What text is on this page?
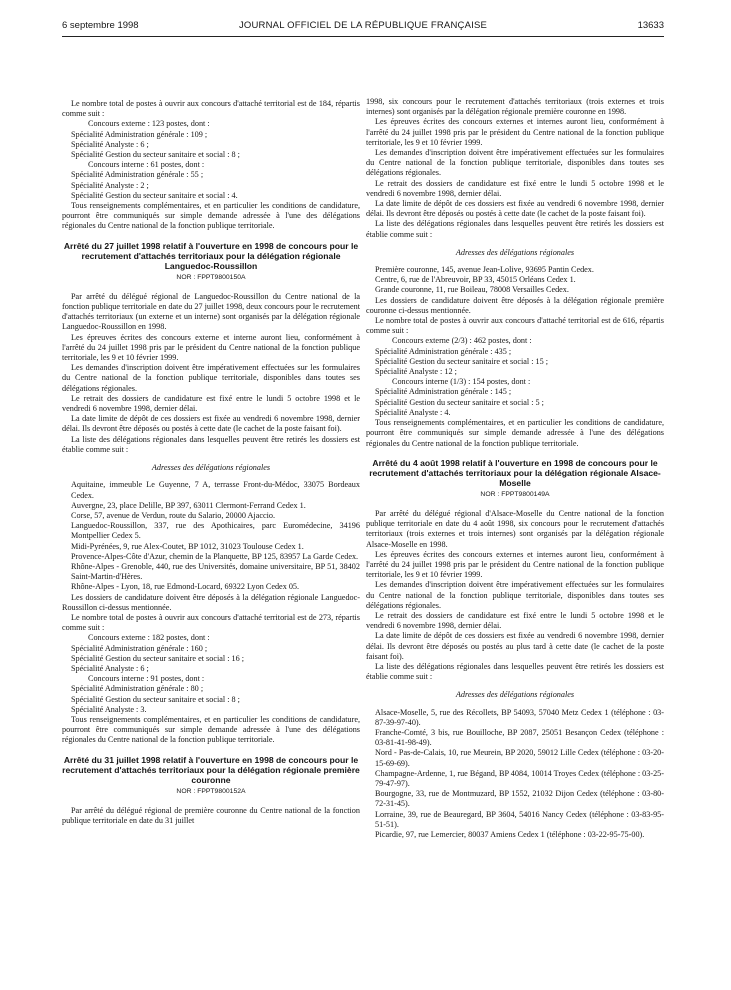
6 septembre 1998	JOURNAL OFFICIEL DE LA RÉPUBLIQUE FRANÇAISE	13633

Le nombre total de postes à ouvrir aux concours d'attaché territorial est de 184, répartis comme suit :

Concours externe : 123 postes, dont :

Spécialité Administration générale : 109 ;

Spécialité Analyste : 6 ;

Spécialité Gestion du secteur sanitaire et social : 8 ;

Concours interne : 61 postes, dont :

Spécialité Administration générale : 55 ;

Spécialité Analyste : 2 ;

Spécialité Gestion du secteur sanitaire et social : 4.

Tous renseignements complémentaires, et en particulier les conditions de candidature, pourront être communiqués sur simple demande adressée à l'une des délégations régionales du Centre national de la fonction publique territoriale.

Arrêté du 27 juillet 1998 relatif à l'ouverture en 1998 de concours pour le recrutement d'attachés territoriaux pour la délégation régionale Languedoc-Roussillon

NOR : FPPT9800150A

Par arrêté du délégué régional de Languedoc-Roussillon du Centre national de la fonction publique territoriale en date du 27 juillet 1998, deux concours pour le recrutement d'attachés territoriaux (un externe et un interne) sont organisés par la délégation régionale Languedoc-Roussillon en 1998.

Les épreuves écrites des concours externe et interne auront lieu, conformément à l'arrêté du 24 juillet 1998 pris par le président du Centre national de la fonction publique territoriale, les 9 et 10 février 1999.

Les demandes d'inscription doivent être impérativement effectuées sur les formulaires du Centre national de la fonction publique territoriale, disponibles dans toutes ses délégations régionales.

Le retrait des dossiers de candidature est fixé entre le lundi 5 octobre 1998 et le vendredi 6 novembre 1998, dernier délai.

La date limite de dépôt de ces dossiers est fixée au vendredi 6 novembre 1998, dernier délai. Ils devront être déposés ou postés à cette date (le cachet de la poste faisant foi).

La liste des délégations régionales dans lesquelles peuvent être retirés les dossiers est établie comme suit :

Adresses des délégations régionales

Aquitaine, immeuble Le Guyenne, 7 A, terrasse Front-du-Médoc, 33075 Bordeaux Cedex.

Auvergne, 23, place Delille, BP 397, 63011 Clermont-Ferrand Cedex 1.

Corse, 57, avenue de Verdun, route du Salario, 20000 Ajaccio.

Languedoc-Roussillon, 337, rue des Apothicaires, parc Euromédecine, 34196 Montpellier Cedex 5.

Midi-Pyrénées, 9, rue Alex-Coutet, BP 1012, 31023 Toulouse Cedex 1.

Provence-Alpes-Côte d'Azur, chemin de la Planquette, BP 125, 83957 La Garde Cedex.

Rhône-Alpes - Grenoble, 440, rue des Universités, domaine universitaire, BP 51, 38402 Saint-Martin-d'Hères.

Rhône-Alpes - Lyon, 18, rue Edmond-Locard, 69322 Lyon Cedex 05.

Les dossiers de candidature doivent être déposés à la délégation régionale Languedoc-Roussillon ci-dessus mentionnée.

Le nombre total de postes à ouvrir aux concours d'attaché territorial est de 273, répartis comme suit :

Concours externe : 182 postes, dont :

Spécialité Administration générale : 160 ;

Spécialité Gestion du secteur sanitaire et social : 16 ;

Spécialité Analyste : 6 ;

Concours interne : 91 postes, dont :

Spécialité Administration générale : 80 ;

Spécialité Gestion du secteur sanitaire et social : 8 ;

Spécialité Analyste : 3.

Tous renseignements complémentaires, et en particulier les conditions de candidature, pourront être communiqués sur simple demande adressée à l'une des délégations régionales du Centre national de la fonction publique territoriale.

Arrêté du 31 juillet 1998 relatif à l'ouverture en 1998 de concours pour le recrutement d'attachés territoriaux pour la délégation régionale première couronne

NOR : FPPT9800152A

Par arrêté du délégué régional de première couronne du Centre national de la fonction publique territoriale en date du 31 juillet

1998, six concours pour le recrutement d'attachés territoriaux (trois externes et trois internes) sont organisés par la délégation régionale première couronne en 1998.

Les épreuves écrites des concours externes et internes auront lieu, conformément à l'arrêté du 24 juillet 1998 pris par le président du Centre national de la fonction publique territoriale, les 9 et 10 février 1999.

Les demandes d'inscription doivent être impérativement effectuées sur les formulaires du Centre national de la fonction publique territoriale, disponibles dans toutes ses délégations régionales.

Le retrait des dossiers de candidature est fixé entre le lundi 5 octobre 1998 et le vendredi 6 novembre 1998, dernier délai.

La date limite de dépôt de ces dossiers est fixée au vendredi 6 novembre 1998, dernier délai. Ils devront être déposés ou postés à cette date (le cachet de la poste faisant foi).

La liste des délégations régionales dans lesquelles peuvent être retirés les dossiers est établie comme suit :

Adresses des délégations régionales

Première couronne, 145, avenue Jean-Lolive, 93695 Pantin Cedex.

Centre, 6, rue de l'Abreuvoir, BP 33, 45015 Orléans Cedex 1.

Grande couronne, 11, rue Boileau, 78008 Versailles Cedex.

Les dossiers de candidature doivent être déposés à la délégation régionale première couronne ci-dessus mentionnée.

Le nombre total de postes à ouvrir aux concours d'attaché territorial est de 616, répartis comme suit :

Concours externe (2/3) : 462 postes, dont :

Spécialité Administration générale : 435 ;

Spécialité Gestion du secteur sanitaire et social : 15 ;

Spécialité Analyste : 12 ;

Concours interne (1/3) : 154 postes, dont :

Spécialité Administration générale : 145 ;

Spécialité Gestion du secteur sanitaire et social : 5 ;

Spécialité Analyste : 4.

Tous renseignements complémentaires, et en particulier les conditions de candidature, pourront être communiqués sur simple demande adressée à l'une des délégations régionales du Centre national de la fonction publique territoriale.

Arrêté du 4 août 1998 relatif à l'ouverture en 1998 de concours pour le recrutement d'attachés territoriaux pour la délégation régionale Alsace-Moselle

NOR : FPPT9800149A

Par arrêté du délégué régional d'Alsace-Moselle du Centre national de la fonction publique territoriale en date du 4 août 1998, six concours pour le recrutement d'attachés territoriaux (trois externes et trois internes) sont organisés par la délégation régionale Alsace-Moselle en 1998.

Les épreuves écrites des concours externes et internes auront lieu, conformément à l'arrêté du 24 juillet 1998 pris par le président du Centre national de la fonction publique territoriale, les 9 et 10 février 1999.

Les demandes d'inscription doivent être impérativement effectuées sur les formulaires du Centre national de la fonction publique territoriale, disponibles dans toutes ses délégations régionales.

Le retrait des dossiers de candidature est fixé entre le lundi 5 octobre 1998 et le vendredi 6 novembre 1998, dernier délai.

La date limite de dépôt de ces dossiers est fixée au vendredi 6 novembre 1998, dernier délai. Ils devront être déposés ou postés au plus tard à cette date (le cachet de la poste faisant foi).

La liste des délégations régionales dans lesquelles peuvent être retirés les dossiers est établie comme suit :

Adresses des délégations régionales

Alsace-Moselle, 5, rue des Récollets, BP 54093, 57040 Metz Cedex 1 (téléphone : 03-87-39-97-40).

Franche-Comté, 3 bis, rue Bouilloche, BP 2087, 25051 Besançon Cedex (téléphone : 03-81-41-98-49).

Nord - Pas-de-Calais, 10, rue Meurein, BP 2020, 59012 Lille Cedex (téléphone : 03-20-15-69-69).

Champagne-Ardenne, 1, rue Bégand, BP 4084, 10014 Troyes Cedex (téléphone : 03-25-79-47-97).

Bourgogne, 33, rue de Montmuzard, BP 1552, 21032 Dijon Cedex (téléphone : 03-80-72-31-45).

Lorraine, 39, rue de Beauregard, BP 3604, 54016 Nancy Cedex (téléphone : 03-83-95-51-51).

Picardie, 97, rue Lemercier, 80037 Amiens Cedex 1 (téléphone : 03-22-95-75-00).
